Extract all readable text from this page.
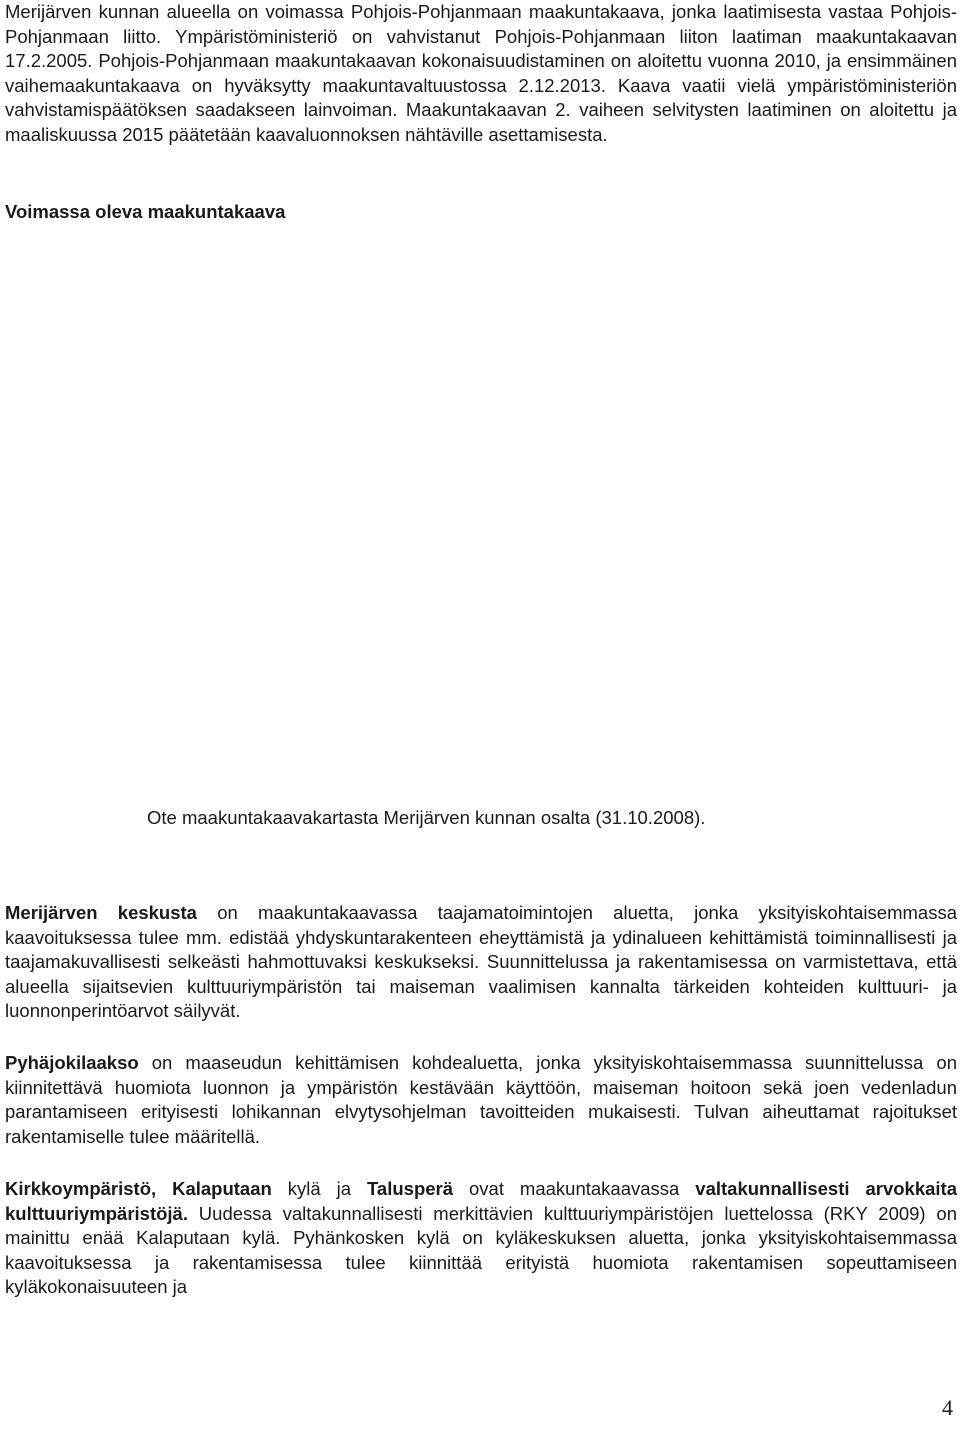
Merijärven kunnan alueella on voimassa Pohjois-Pohjanmaan maakuntakaava, jonka laatimisesta vastaa Pohjois-Pohjanmaan liitto. Ympäristöministeriö on vahvistanut Pohjois-Pohjanmaan liiton laatiman maakuntakaavan 17.2.2005. Pohjois-Pohjanmaan maakuntakaavan kokonaisuudistaminen on aloitettu vuonna 2010, ja ensimmäinen vaihemaakuntakaava on hyväksytty maakuntavaltuustossa 2.12.2013. Kaava vaatii vielä ympäristöministeriön vahvistamispäätöksen saadakseen lainvoiman. Maakuntakaavan 2. vaiheen selvitysten laatiminen on aloitettu ja maaliskuussa 2015 päätetään kaavaluonnoksen nähtäville asettamisesta.

Voimassa oleva maakuntakaava

Ote maakuntakaavakartasta Merijärven kunnan osalta (31.10.2008).

Merijärven keskusta on maakuntakaavassa taajamatoimintojen aluetta, jonka yksityiskohtaisemmassa kaavoituksessa tulee mm. edistää yhdyskuntarakenteen eheyttämistä ja ydinalueen kehittämistä toiminnallisesti ja taajamakuvallisesti selkeästi hahmottuvaksi keskukseksi. Suunnittelussa ja rakentamisessa on varmistettava, että alueella sijaitsevien kulttuuriympäristön tai maiseman vaalimisen kannalta tärkeiden kohteiden kulttuuri- ja luonnonperintöarvot säilyvät.

Pyhäjokilaakso on maaseudun kehittämisen kohdealuetta, jonka yksityiskohtaisemmassa suunnittelussa on kiinnitettävä huomiota luonnon ja ympäristön kestävään käyttöön, maiseman hoitoon sekä joen vedenladun parantamiseen erityisesti lohikannan elvytysohjelman tavoitteiden mukaisesti. Tulvan aiheuttamat rajoitukset rakentamiselle tulee määritellä.

Kirkkoympäristö, Kalaputaan kylä ja Talusperä ovat maakuntakaavassa valtakunnallisesti arvokkaita kulttuuriympäristöjä. Uudessa valtakunnallisesti merkittävien kulttuuriympäristöjen luettelossa (RKY 2009) on mainittu enää Kalaputaan kylä. Pyhänkosken kylä on kyläkeskuksen aluetta, jonka yksityiskohtaisemmassa kaavoituksessa ja rakentamisessa tulee kiinnittää erityistä huomiota rakentamisen sopeuttamiseen kyläkokonaisuuteen ja

4
